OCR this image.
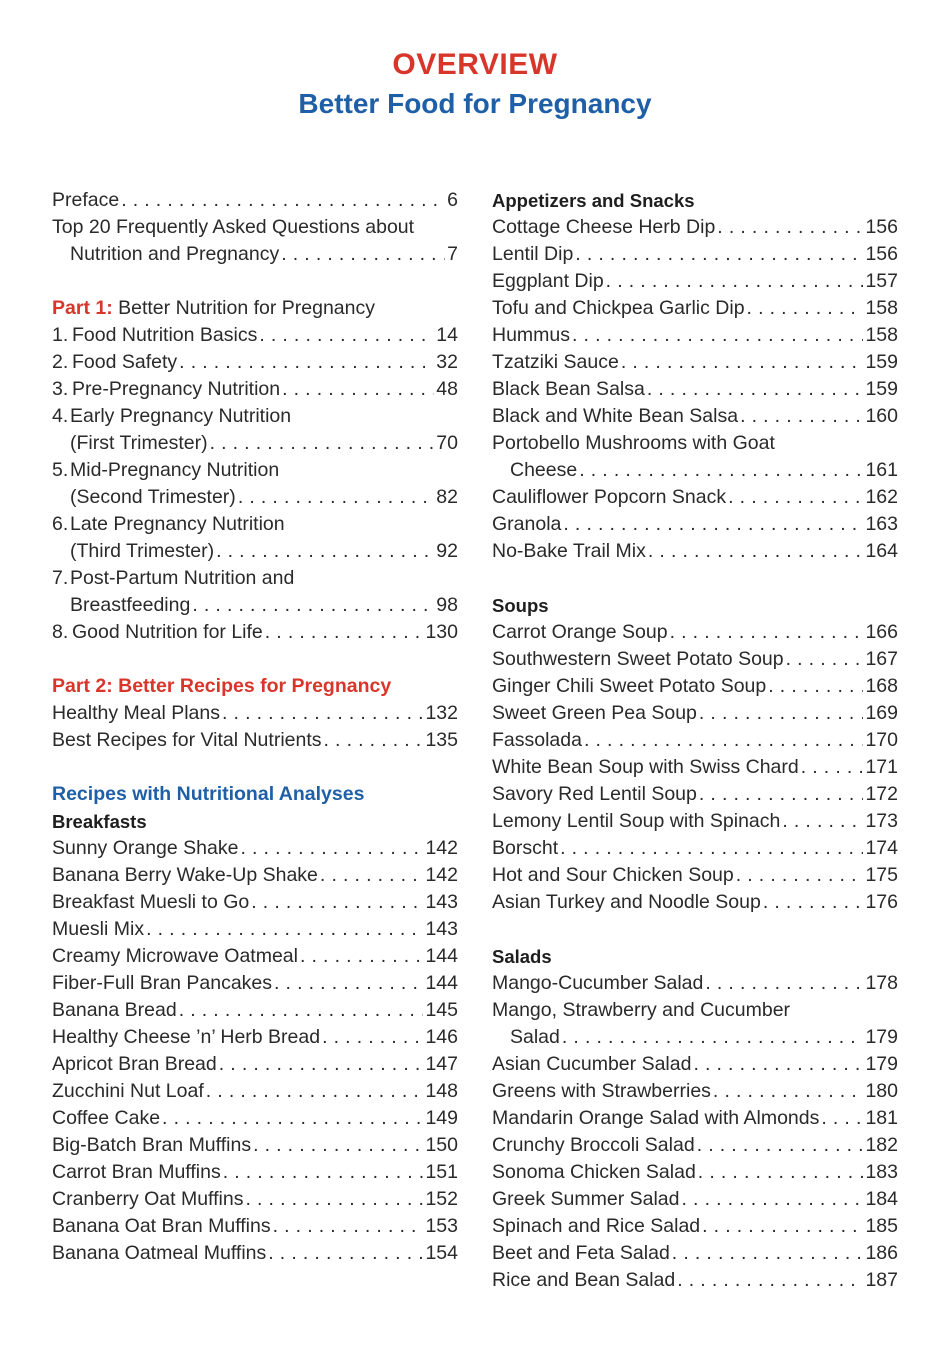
OVERVIEW
Better Food for Pregnancy
Preface . . .	6
Top 20 Frequently Asked Questions about
Nutrition and Pregnancy . . .	7
Part 1: Better Nutrition for Pregnancy
1. Food Nutrition Basics . . .	14
2. Food Safety . . .	32
3. Pre-Pregnancy Nutrition . . .	48
4.Early Pregnancy Nutrition
(First Trimester) . . .	70
5.Mid-Pregnancy Nutrition
(Second Trimester) . . .	82
6.Late Pregnancy Nutrition
(Third Trimester) . . .	92
7.Post-Partum Nutrition and
Breastfeeding . . .	98
8. Good Nutrition for Life . . .	130
Part 2: Better Recipes for Pregnancy
Healthy Meal Plans . . .	132
Best Recipes for Vital Nutrients . . .	135
Recipes with Nutritional Analyses
Breakfasts
Sunny Orange Shake . . .	142
Banana Berry Wake-Up Shake . . .	142
Breakfast Muesli to Go . . .	143
Muesli Mix . . .	143
Creamy Microwave Oatmeal . . .	144
Fiber-Full Bran Pancakes . . .	144
Banana Bread . . .	145
Healthy Cheese ’n’ Herb Bread . . .	146
Apricot Bran Bread . . .	147
Zucchini Nut Loaf . . .	148
Coffee Cake . . .	149
Big-Batch Bran Muffins . . .	150
Carrot Bran Muffins . . .	151
Cranberry Oat Muffins . . .	152
Banana Oat Bran Muffins . . .	153
Banana Oatmeal Muffins . . .	154
Appetizers and Snacks
Cottage Cheese Herb Dip . . .	156
Lentil Dip . . .	156
Eggplant Dip . . .	157
Tofu and Chickpea Garlic Dip . . .	158
Hummus . . .	158
Tzatziki Sauce . . .	159
Black Bean Salsa . . .	159
Black and White Bean Salsa . . .	160
Portobello Mushrooms with Goat
Cheese . . .	161
Cauliflower Popcorn Snack . . .	162
Granola . . .	163
No-Bake Trail Mix . . .	164
Soups
Carrot Orange Soup . . .	166
Southwestern Sweet Potato Soup . . .	167
Ginger Chili Sweet Potato Soup . . .	168
Sweet Green Pea Soup . . .	169
Fassolada . . .	170
White Bean Soup with Swiss Chard . . .	171
Savory Red Lentil Soup . . .	172
Lemony Lentil Soup with Spinach . . .	173
Borscht . . .	174
Hot and Sour Chicken Soup . . .	175
Asian Turkey and Noodle Soup . . .	176
Salads
Mango-Cucumber Salad . . .	178
Mango, Strawberry and Cucumber
Salad . . .	179
Asian Cucumber Salad . . .	179
Greens with Strawberries . . .	180
Mandarin Orange Salad with Almonds . . . 181
Crunchy Broccoli Salad . . .	182
Sonoma Chicken Salad . . .	183
Greek Summer Salad . . .	184
Spinach and Rice Salad . . .	185
Beet and Feta Salad . . .	186
Rice and Bean Salad . . .	187
